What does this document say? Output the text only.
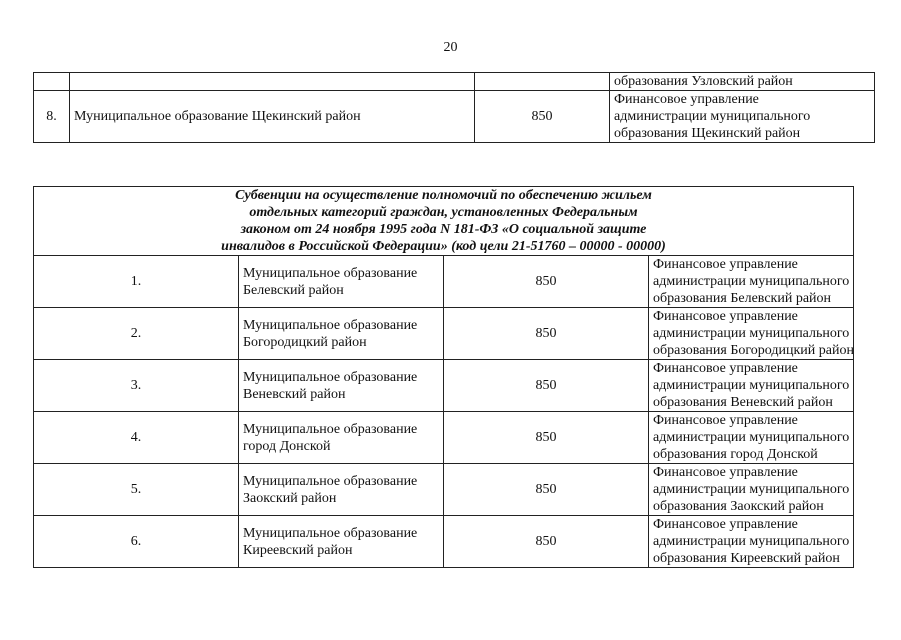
20
			образования Узловский район
8.	Муниципальное образование Щекинский район	850	Финансовое управление
администрации муниципального
образования Щекинский район
Субвенции на осуществление полномочий по обеспечению жильем
отдельных категорий граждан, установленных Федеральным
законом от 24 ноября 1995 года N 181-ФЗ «О социальной защите
инвалидов в Российской Федерации» (код цели 21-51760 – 00000 - 00000)			

1.	Муниципальное образование Белевский район	850	Финансовое управление
администрации муниципального
образования Белевский район

2.	Муниципальное образование Богородицкий район	850	Финансовое управление
администрации муниципального
образования Богородицкий район

3.	Муниципальное образование Веневский район	850	Финансовое управление
администрации муниципального
образования Веневский район

4.	Муниципальное образование город Донской	850	Финансовое управление
администрации муниципального
образования город Донской

5.	Муниципальное образование Заокский район	850	Финансовое управление
администрации муниципального
образования Заокский район

6.	Муниципальное образование Киреевский район	850	Финансовое управление
администрации муниципального
образования Киреевский район
